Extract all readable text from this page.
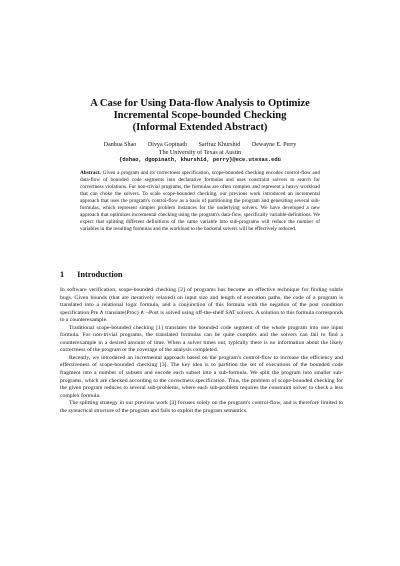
A Case for Using Data-flow Analysis to Optimize
Incremental Scope-bounded Checking
(Informal Extended Abstract)
Danhua Shao Divya Gopinath Sarfraz Khurshid Dewayne E. Perry
The University of Texas at Austin
{dshao, dgopinath, khurshid, perry}@ece.utexas.edu
Abstract. Given a program and its correctness specification, scope-bounded checking encodes control-flow and data-flow of bounded code segments into declarative formulas and uses constraint solvers to search for correctness violations. For non-trivial programs, the formulas are often complex and represent a heavy workload that can choke the solvers. To scale scope-bounded checking, our previous work introduced an incremental approach that uses the program's control-flow as a basis of partitioning the program and generating several sub-formulas, which represent simpler problem instances for the underlying solvers. We have developed a new approach that optimizes incremental checking using the program's data-flow, specifically variable-definitions. We expect that splitting different definitions of the same variable into sub-programs will reduce the number of variables in the resulting formulas and the workload to the backend solvers will be effectively reduced.
1 Introduction

In software verification, scope-bounded checking [2] of programs has become an effective technique for finding subtle bugs. Given bounds (that are iteratively relaxed) on input size and length of execution paths, the code of a program is translated into a relational logic formula, and a conjunction of this formula with the negation of the post condition specification Pre ∧ translate(Proc) ∧ ¬Post is solved using off-the-shelf SAT solvers. A solution to this formula corresponds to a counterexample.

Traditional scope-bounded checking [1] translates the bounded code segment of the whole program into one input formula. For non-trivial programs, the translated formulas can be quite complex and the solvers can fail to find a counterexample in a desired amount of time. When a solver times out, typically there is no information about the likely correctness of the program or the coverage of the analysis completed.

Recently, we introduced an incremental approach based on the program's control-flow to increase the efficiency and effectiveness of scope-bounded checking [3]. The key idea is to partition the set of executions of the bounded code fragment into a number of subsets and encode each subset into a sub-formula. We split the program into smaller sub-programs, which are checked according to the correctness specification. Thus, the problem of scope-bounded checking for the given program reduces to several sub-problems, where each sub-problem requires the constraint solver to check a less complex formula.

The splitting strategy in our previous work [3] focuses solely on the program's control-flow, and is therefore limited to the syntactical structure of the program and fails to exploit the program semantics.
